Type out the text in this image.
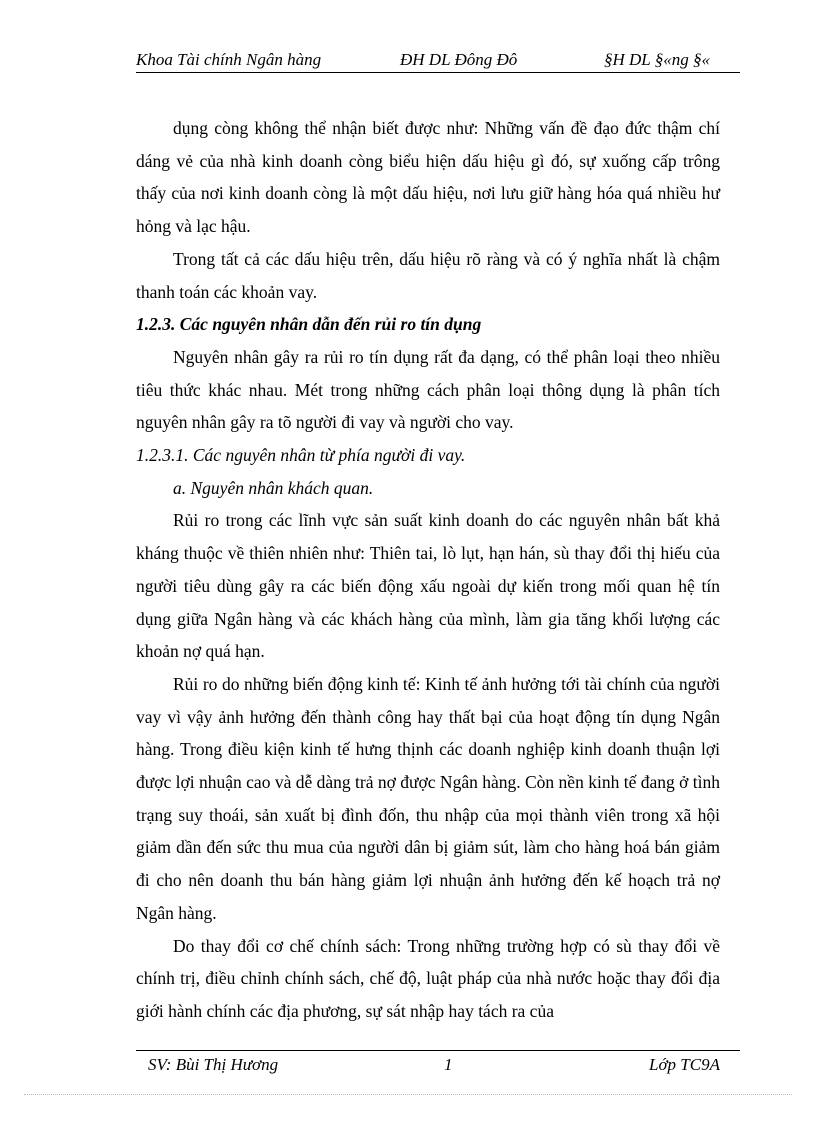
Khoa Tài chính Ngân hàng	ĐH DL Đông Đô	§H DL §«ng §«

dụng còng không thể nhận biết được như: Những vấn đề đạo đức thậm chí dáng vẻ của nhà kinh doanh còng biểu hiện dấu hiệu gì đó, sự xuống cấp trông thấy của nơi kinh doanh còng là một dấu hiệu, nơi lưu giữ hàng hóa quá nhiều hư hỏng và lạc hậu.

Trong tất cả các dấu hiệu trên, dấu hiệu rõ ràng và có ý nghĩa nhất là chậm thanh toán các khoản vay.

1.2.3. Các nguyên nhân dẫn đến rủi ro tín dụng

Nguyên nhân gây ra rủi ro tín dụng rất đa dạng, có thể phân loại theo nhiều tiêu thức khác nhau. Mét trong những cách phân loại thông dụng là phân tích nguyên nhân gây ra tõ người đi vay và người cho vay.

1.2.3.1. Các nguyên nhân từ phía người đi vay.

a. Nguyên nhân khách quan.

Rủi ro trong các lĩnh vực sản suất kinh doanh do các nguyên nhân bất khả kháng thuộc về thiên nhiên như: Thiên tai, lò lụt, hạn hán, sù thay đổi thị hiếu của người tiêu dùng gây ra các biến động xấu ngoài dự kiến trong mối quan hệ tín dụng giữa Ngân hàng và các khách hàng của mình, làm gia tăng khối lượng các khoản nợ quá hạn.

Rủi ro do những biến động kinh tế: Kinh tế ảnh hưởng tới tài chính của người vay vì vậy ảnh hưởng đến thành công hay thất bại của hoạt động tín dụng Ngân hàng. Trong điều kiện kinh tế hưng thịnh các doanh nghiệp kinh doanh thuận lợi được lợi nhuận cao và dễ dàng trả nợ được Ngân hàng. Còn nền kinh tế đang ở tình trạng suy thoái, sản xuất bị đình đốn, thu nhập của mọi thành viên trong xã hội giảm dần đến sức thu mua của người dân bị giảm sút, làm cho hàng hoá bán giảm đi cho nên doanh thu bán hàng giảm lợi nhuận ảnh hưởng đến kế hoạch trả nợ Ngân hàng.

Do thay đổi cơ chế chính sách: Trong những trường hợp có sù thay đổi về chính trị, điều chỉnh chính sách, chế độ, luật pháp của nhà nước hoặc thay đổi địa giới hành chính các địa phương, sự sát nhập hay tách ra của

SV: Bùi Thị Hương	1	Lớp TC9A
